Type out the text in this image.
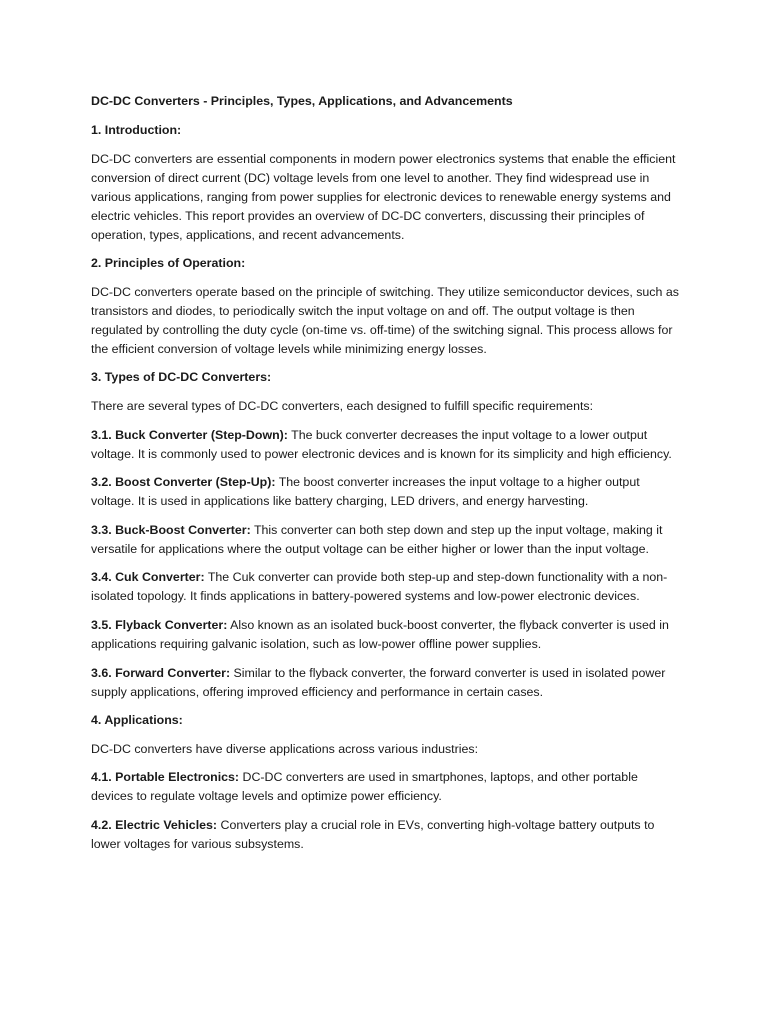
DC-DC Converters - Principles, Types, Applications, and Advancements

1. Introduction:

DC-DC converters are essential components in modern power electronics systems that enable the efficient conversion of direct current (DC) voltage levels from one level to another. They find widespread use in various applications, ranging from power supplies for electronic devices to renewable energy systems and electric vehicles. This report provides an overview of DC-DC converters, discussing their principles of operation, types, applications, and recent advancements.

2. Principles of Operation:

DC-DC converters operate based on the principle of switching. They utilize semiconductor devices, such as transistors and diodes, to periodically switch the input voltage on and off. The output voltage is then regulated by controlling the duty cycle (on-time vs. off-time) of the switching signal. This process allows for the efficient conversion of voltage levels while minimizing energy losses.

3. Types of DC-DC Converters:

There are several types of DC-DC converters, each designed to fulfill specific requirements:

3.1. Buck Converter (Step-Down): The buck converter decreases the input voltage to a lower output voltage. It is commonly used to power electronic devices and is known for its simplicity and high efficiency.

3.2. Boost Converter (Step-Up): The boost converter increases the input voltage to a higher output voltage. It is used in applications like battery charging, LED drivers, and energy harvesting.

3.3. Buck-Boost Converter: This converter can both step down and step up the input voltage, making it versatile for applications where the output voltage can be either higher or lower than the input voltage.

3.4. Cuk Converter: The Cuk converter can provide both step-up and step-down functionality with a non-isolated topology. It finds applications in battery-powered systems and low-power electronic devices.

3.5. Flyback Converter: Also known as an isolated buck-boost converter, the flyback converter is used in applications requiring galvanic isolation, such as low-power offline power supplies.

3.6. Forward Converter: Similar to the flyback converter, the forward converter is used in isolated power supply applications, offering improved efficiency and performance in certain cases.

4. Applications:

DC-DC converters have diverse applications across various industries:

4.1. Portable Electronics: DC-DC converters are used in smartphones, laptops, and other portable devices to regulate voltage levels and optimize power efficiency.

4.2. Electric Vehicles: Converters play a crucial role in EVs, converting high-voltage battery outputs to lower voltages for various subsystems.
